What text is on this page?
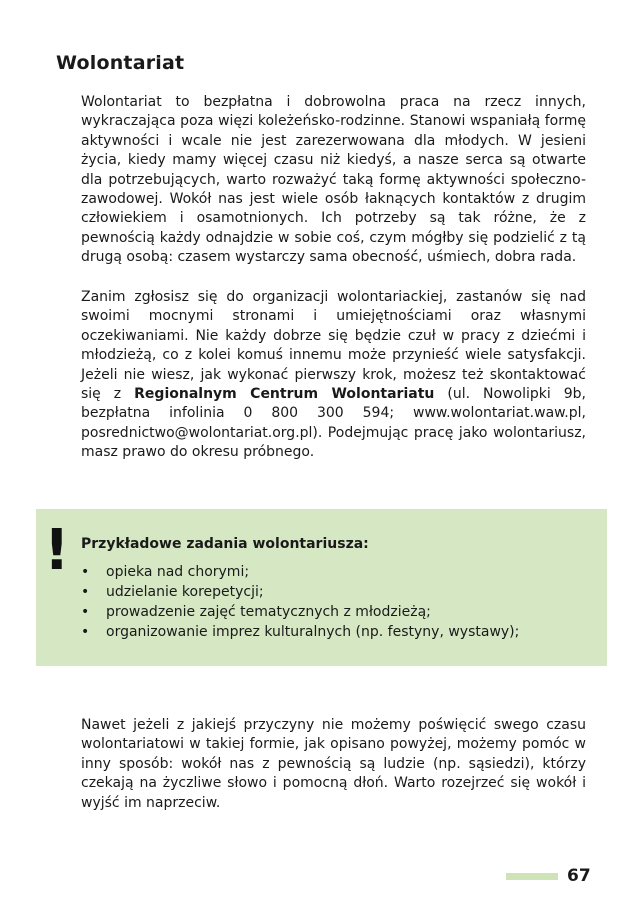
Wolontariat

Wolontariat to bezpłatna i dobrowolna praca na rzecz innych, wykraczająca poza więzi koleżeńsko-rodzinne. Stanowi wspaniałą formę aktywności i wcale nie jest zarezerwowana dla młodych. W jesieni życia, kiedy mamy więcej czasu niż kiedyś, a nasze serca są otwarte dla potrzebujących, warto rozważyć taką formę aktywności społeczno-zawodowej. Wokół nas jest wiele osób łaknących kontaktów z drugim człowiekiem i osamotnionych. Ich potrzeby są tak różne, że z pewnością każdy odnajdzie w sobie coś, czym mógłby się podzielić z tą drugą osobą: czasem wystarczy sama obecność, uśmiech, dobra rada.

Zanim zgłosisz się do organizacji wolontariackiej, zastanów się nad swoimi mocnymi stronami i umiejętnościami oraz własnymi oczekiwaniami. Nie każdy dobrze się będzie czuł w pracy z dziećmi i młodzieżą, co z kolei komuś innemu może przynieść wiele satysfakcji. Jeżeli nie wiesz, jak wykonać pierwszy krok, możesz też skontaktować się z Regionalnym Centrum Wolontariatu (ul. Nowolipki 9b, bezpłatna infolinia 0 800 300 594; www.wolontariat.waw.pl, posrednictwo@wolontariat.org.pl). Podejmując pracę jako wolontariusz, masz prawo do okresu próbnego.

! Przykładowe zadania wolontariusza:

• opieka nad chorymi;
• udzielanie korepetycji;
• prowadzenie zajęć tematycznych z młodzieżą;
• organizowanie imprez kulturalnych (np. festyny, wystawy);

Nawet jeżeli z jakiejś przyczyny nie możemy poświęcić swego czasu wolontariatowi w takiej formie, jak opisano powyżej, możemy pomóc w inny sposób: wokół nas z pewnością są ludzie (np. sąsiedzi), którzy czekają na życzliwe słowo i pomocną dłoń. Warto rozejrzeć się wokół i wyjść im naprzeciw.

67
